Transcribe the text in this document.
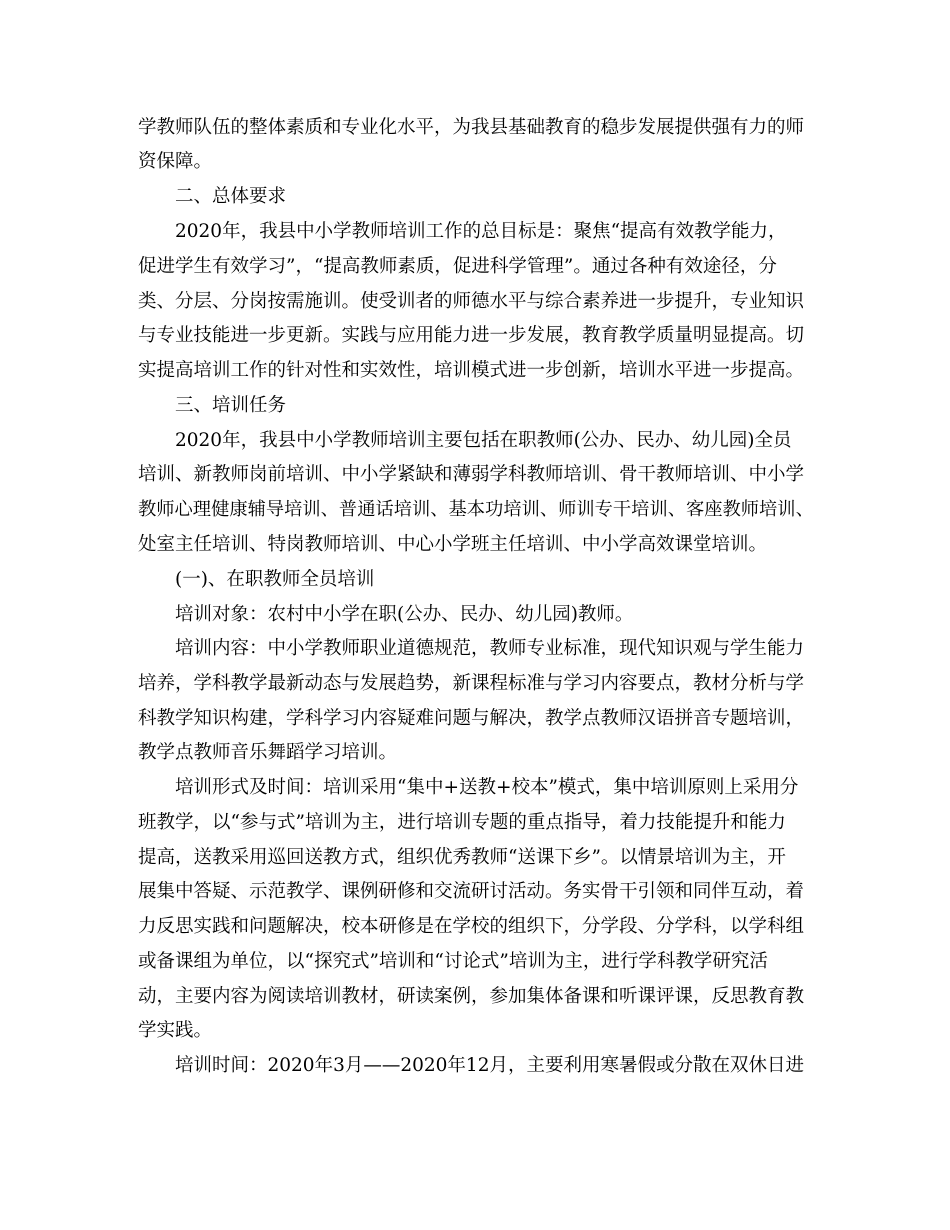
学教师队伍的整体素质和专业化水平，为我县基础教育的稳步发展提供强有力的师
资保障。
二、总体要求
2020年，我县中小学教师培训工作的总目标是：聚焦“提高有效教学能力，
促进学生有效学习”，“提高教师素质，促进科学管理”。通过各种有效途径，分
类、分层、分岗按需施训。使受训者的师德水平与综合素养进一步提升，专业知识
与专业技能进一步更新。实践与应用能力进一步发展，教育教学质量明显提高。切
实提高培训工作的针对性和实效性，培训模式进一步创新，培训水平进一步提高。
三、培训任务
2020年，我县中小学教师培训主要包括在职教师(公办、民办、幼儿园)全员
培训、新教师岗前培训、中小学紧缺和薄弱学科教师培训、骨干教师培训、中小学
教师心理健康辅导培训、普通话培训、基本功培训、师训专干培训、客座教师培训、
处室主任培训、特岗教师培训、中心小学班主任培训、中小学高效课堂培训。
(一)、在职教师全员培训
培训对象：农村中小学在职(公办、民办、幼儿园)教师。
培训内容：中小学教师职业道德规范，教师专业标准，现代知识观与学生能力
培养，学科教学最新动态与发展趋势，新课程标准与学习内容要点，教材分析与学
科教学知识构建，学科学习内容疑难问题与解决，教学点教师汉语拼音专题培训，
教学点教师音乐舞蹈学习培训。
培训形式及时间：培训采用“集中+送教+校本”模式，集中培训原则上采用分
班教学，以“参与式”培训为主，进行培训专题的重点指导，着力技能提升和能力
提高，送教采用巡回送教方式，组织优秀教师“送课下乡”。以情景培训为主，开
展集中答疑、示范教学、课例研修和交流研讨活动。务实骨干引领和同伴互动，着
力反思实践和问题解决，校本研修是在学校的组织下，分学段、分学科，以学科组
或备课组为单位，以“探究式”培训和“讨论式”培训为主，进行学科教学研究活
动，主要内容为阅读培训教材，研读案例，参加集体备课和听课评课，反思教育教
学实践。
培训时间：2020年3月——2020年12月，主要利用寒暑假或分散在双休日进
